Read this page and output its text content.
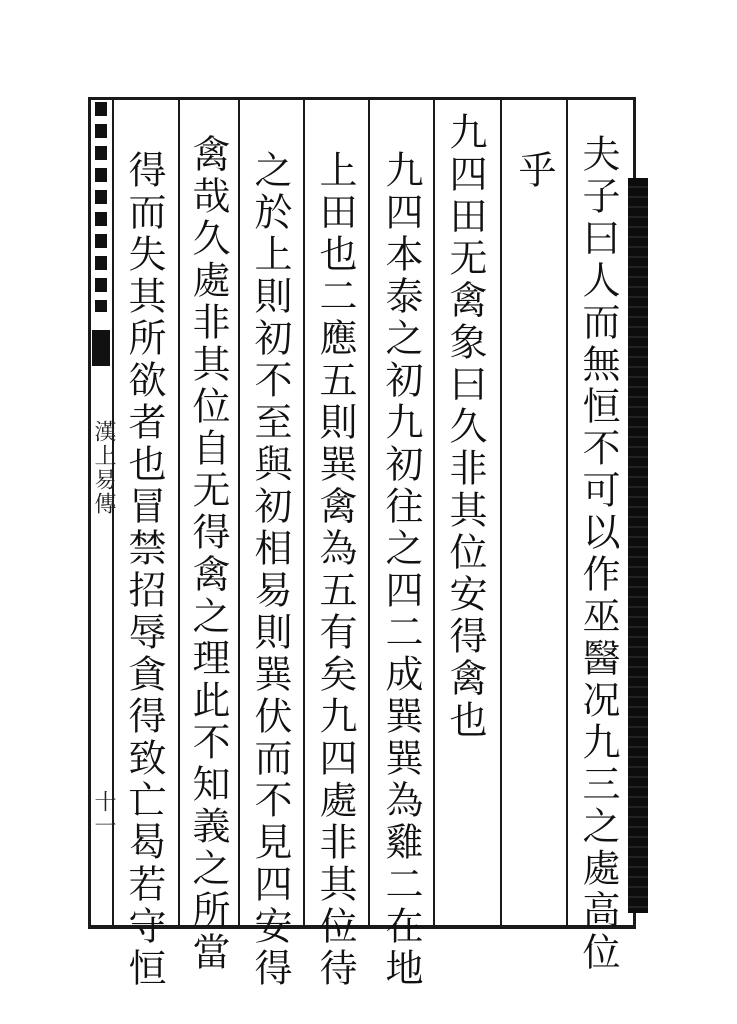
漢上易傳
十一	夫子曰人而無恒不可以作巫醫况九三之處高位
乎
九四田无禽象曰久非其位安得禽也
九四本泰之初九初往之四二成巽巽為雞二在地
上田也二應五則巽禽為五有矣九四處非其位待
之於上則初不至與初相易則巽伏而不見四安得
禽哉久處非其位自无得禽之理此不知義之所當
得而失其所欲者也冒禁招辱貪得致亡曷若守恒
